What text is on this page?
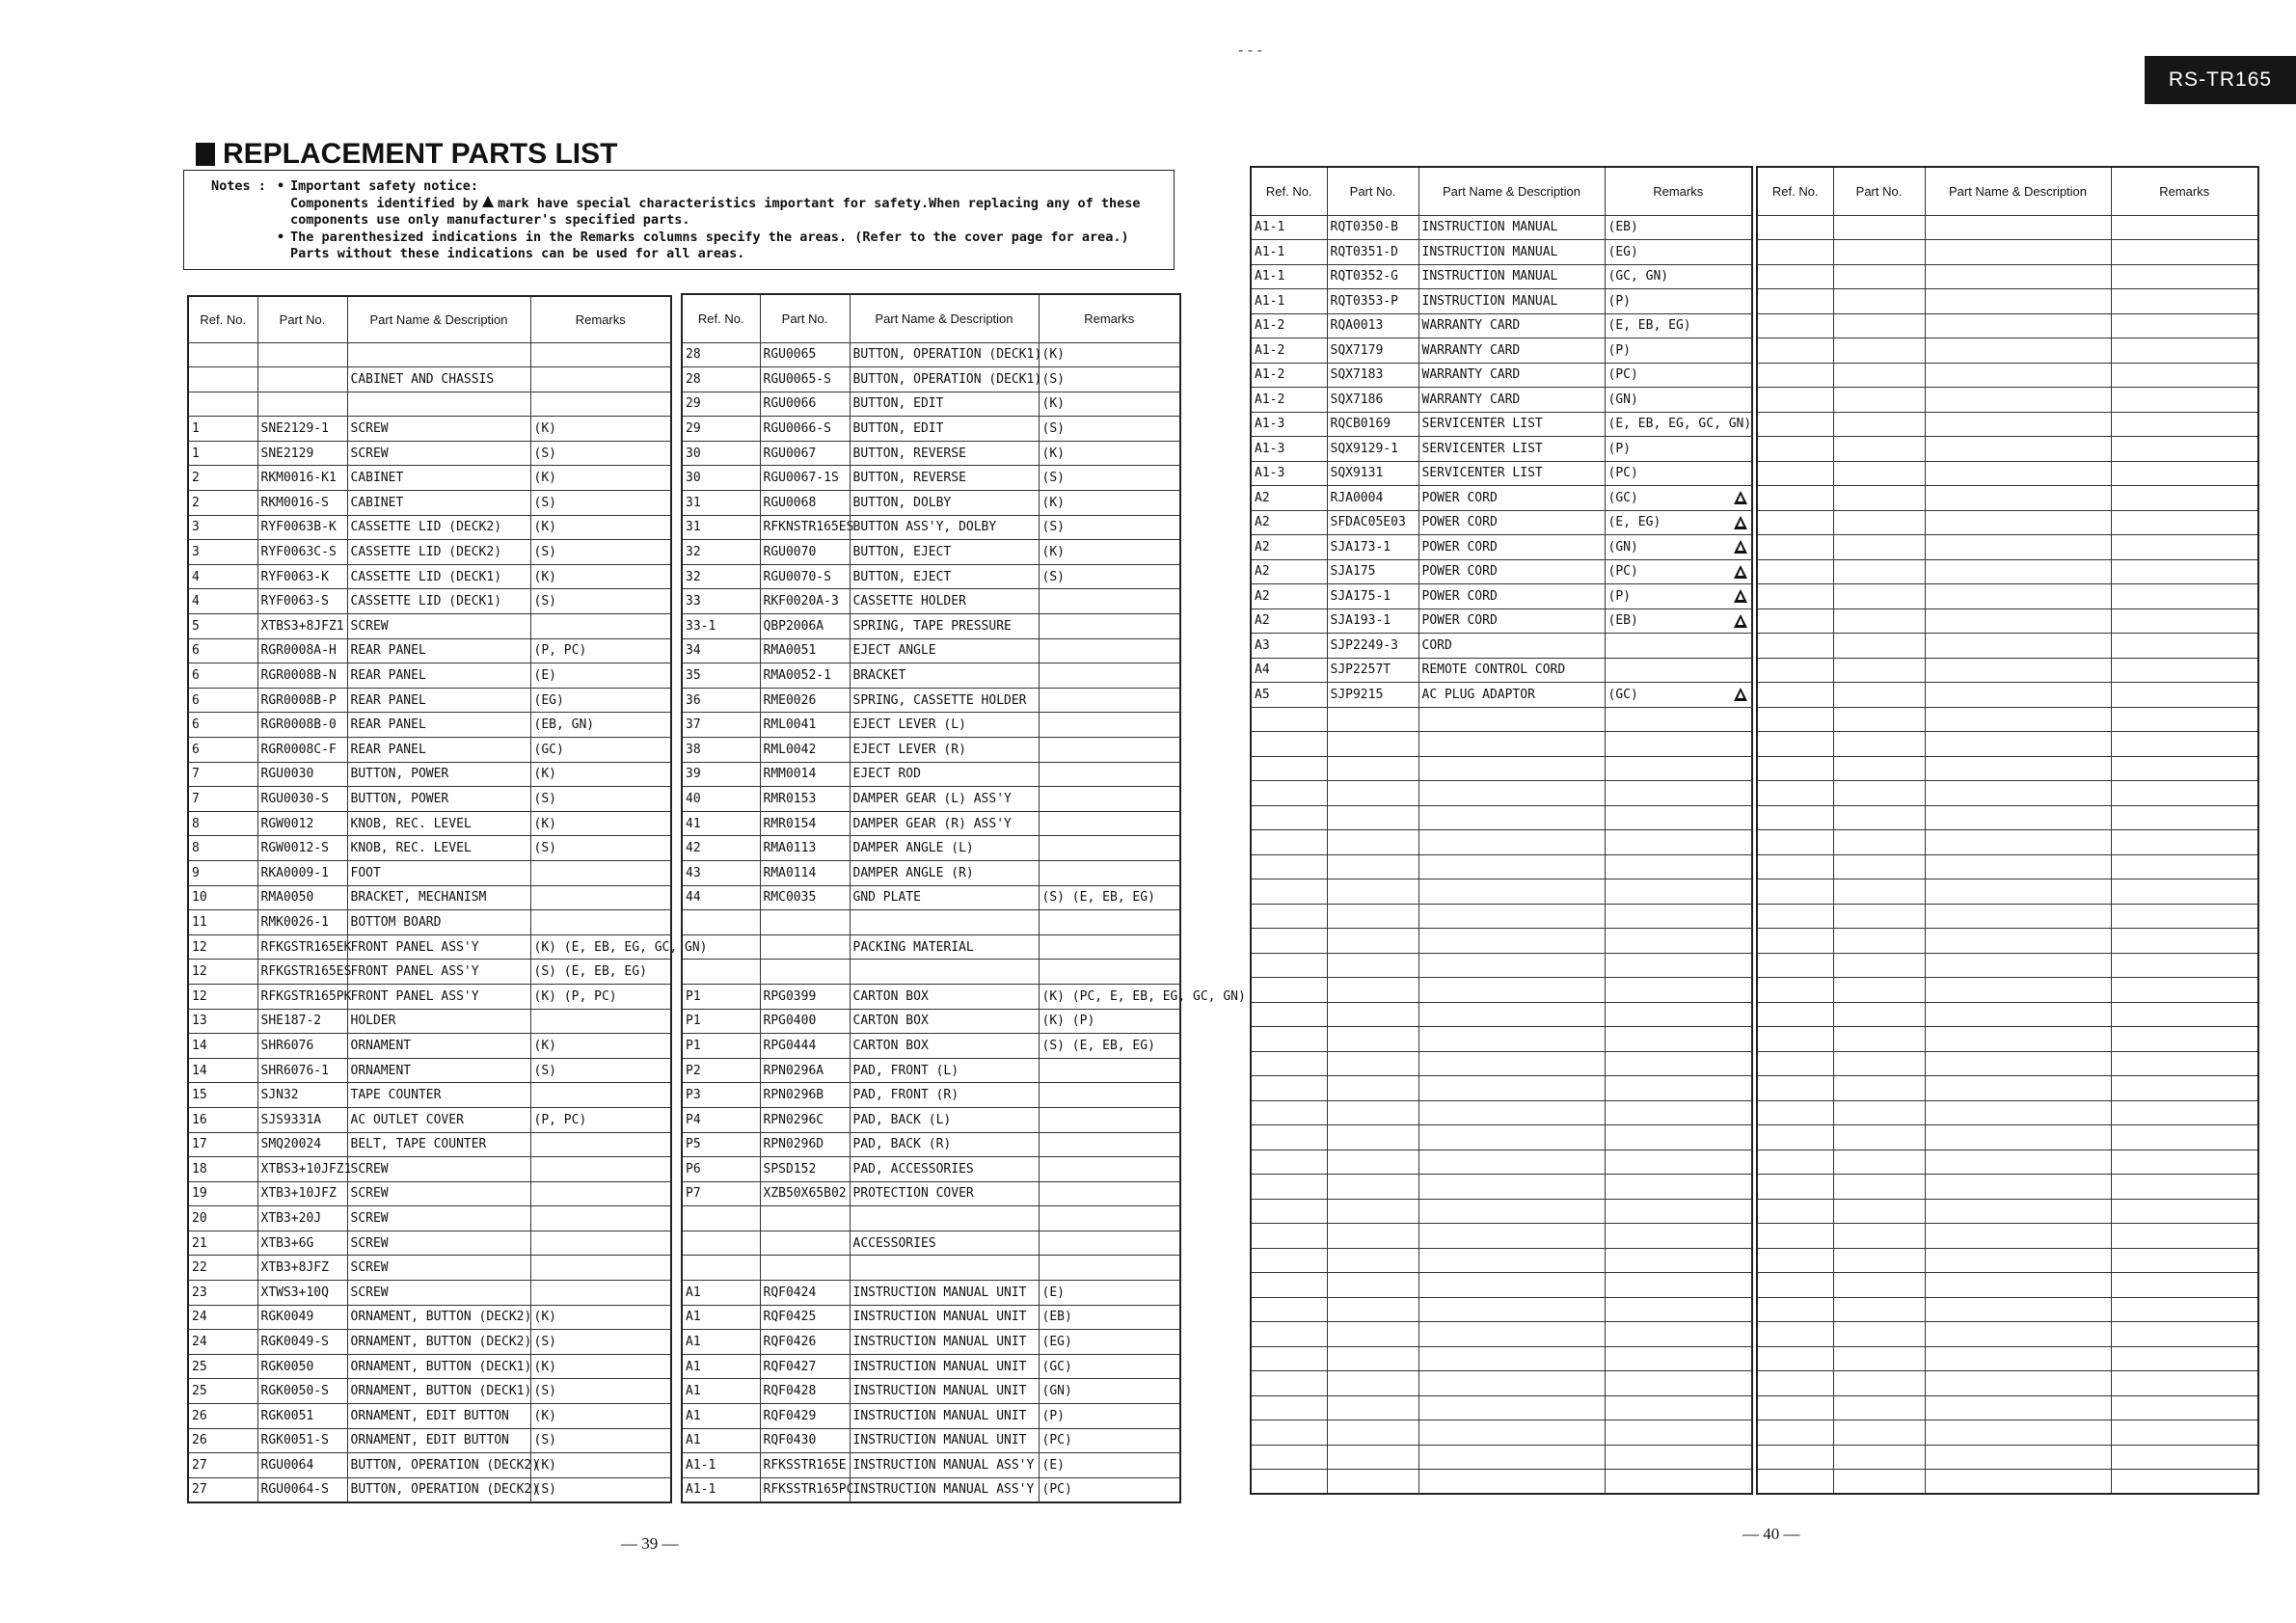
RS-TR165
- - -
REPLACEMENT PARTS LIST
Notes : • Important safety notice:
Components identified by mark have special characteristics important for safety.When replacing any of these
components use only manufacturer's specified parts.
• The parenthesized indications in the Remarks columns specify the areas. (Refer to the cover page for area.)
Parts without these indications can be used for all areas.
Ref. No.	Part No.	Part Name & Description	Remarks

		CABINET AND CHASSIS	

1	SNE2129-1	SCREW	(K)
1	SNE2129	SCREW	(S)
2	RKM0016-K1	CABINET	(K)
2	RKM0016-S	CABINET	(S)
3	RYF0063B-K	CASSETTE LID (DECK2)	(K)
3	RYF0063C-S	CASSETTE LID (DECK2)	(S)
4	RYF0063-K	CASSETTE LID (DECK1)	(K)
4	RYF0063-S	CASSETTE LID (DECK1)	(S)
5	XTBS3+8JFZ1	SCREW	
6	RGR0008A-H	REAR PANEL	(P, PC)
6	RGR0008B-N	REAR PANEL	(E)
6	RGR0008B-P	REAR PANEL	(EG)
6	RGR0008B-0	REAR PANEL	(EB, GN)
6	RGR0008C-F	REAR PANEL	(GC)
7	RGU0030	BUTTON, POWER	(K)
7	RGU0030-S	BUTTON, POWER	(S)
8	RGW0012	KNOB, REC. LEVEL	(K)
8	RGW0012-S	KNOB, REC. LEVEL	(S)
9	RKA0009-1	FOOT	
10	RMA0050	BRACKET, MECHANISM	
11	RMK0026-1	BOTTOM BOARD	
12	RFKGSTR165EK	FRONT PANEL ASS'Y	(K) (E, EB, EG, GC, GN)
12	RFKGSTR165ES	FRONT PANEL ASS'Y	(S) (E, EB, EG)
12	RFKGSTR165PK	FRONT PANEL ASS'Y	(K) (P, PC)
13	SHE187-2	HOLDER	
14	SHR6076	ORNAMENT	(K)
14	SHR6076-1	ORNAMENT	(S)
15	SJN32	TAPE COUNTER	
16	SJS9331A	AC OUTLET COVER	(P, PC)
17	SMQ20024	BELT, TAPE COUNTER	
18	XTBS3+10JFZ1	SCREW	
19	XTB3+10JFZ	SCREW	
20	XTB3+20J	SCREW	
21	XTB3+6G	SCREW	
22	XTB3+8JFZ	SCREW	
23	XTWS3+10Q	SCREW	
24	RGK0049	ORNAMENT, BUTTON (DECK2)	(K)
24	RGK0049-S	ORNAMENT, BUTTON (DECK2)	(S)
25	RGK0050	ORNAMENT, BUTTON (DECK1)	(K)
25	RGK0050-S	ORNAMENT, BUTTON (DECK1)	(S)
26	RGK0051	ORNAMENT, EDIT BUTTON	(K)
26	RGK0051-S	ORNAMENT, EDIT BUTTON	(S)
27	RGU0064	BUTTON, OPERATION (DECK2)	(K)
27	RGU0064-S	BUTTON, OPERATION (DECK2)	(S)
Ref. No.	Part No.	Part Name & Description	Remarks
28	RGU0065	BUTTON, OPERATION (DECK1)	(K)
28	RGU0065-S	BUTTON, OPERATION (DECK1)	(S)
29	RGU0066	BUTTON, EDIT	(K)
29	RGU0066-S	BUTTON, EDIT	(S)
30	RGU0067	BUTTON, REVERSE	(K)
30	RGU0067-1S	BUTTON, REVERSE	(S)
31	RGU0068	BUTTON, DOLBY	(K)
31	RFKNSTR165ES	BUTTON ASS'Y, DOLBY	(S)
32	RGU0070	BUTTON, EJECT	(K)
32	RGU0070-S	BUTTON, EJECT	(S)
33	RKF0020A-3	CASSETTE HOLDER	
33-1	QBP2006A	SPRING, TAPE PRESSURE	
34	RMA0051	EJECT ANGLE	
35	RMA0052-1	BRACKET	
36	RME0026	SPRING, CASSETTE HOLDER	
37	RML0041	EJECT LEVER (L)	
38	RML0042	EJECT LEVER (R)	
39	RMM0014	EJECT ROD	
40	RMR0153	DAMPER GEAR (L) ASS'Y	
41	RMR0154	DAMPER GEAR (R) ASS'Y	
42	RMA0113	DAMPER ANGLE (L)	
43	RMA0114	DAMPER ANGLE (R)	
44	RMC0035	GND PLATE	(S) (E, EB, EG)

		PACKING MATERIAL	

P1	RPG0399	CARTON BOX	(K) (PC, E, EB, EG, GC, GN)
P1	RPG0400	CARTON BOX	(K) (P)
P1	RPG0444	CARTON BOX	(S) (E, EB, EG)
P2	RPN0296A	PAD, FRONT (L)	
P3	RPN0296B	PAD, FRONT (R)	
P4	RPN0296C	PAD, BACK (L)	
P5	RPN0296D	PAD, BACK (R)	
P6	SPSD152	PAD, ACCESSORIES	
P7	XZB50X65B02	PROTECTION COVER	

		ACCESSORIES	

A1	RQF0424	INSTRUCTION MANUAL UNIT	(E)
A1	RQF0425	INSTRUCTION MANUAL UNIT	(EB)
A1	RQF0426	INSTRUCTION MANUAL UNIT	(EG)
A1	RQF0427	INSTRUCTION MANUAL UNIT	(GC)
A1	RQF0428	INSTRUCTION MANUAL UNIT	(GN)
A1	RQF0429	INSTRUCTION MANUAL UNIT	(P)
A1	RQF0430	INSTRUCTION MANUAL UNIT	(PC)
A1-1	RFKSSTR165E	INSTRUCTION MANUAL ASS'Y	(E)
A1-1	RFKSSTR165PC	INSTRUCTION MANUAL ASS'Y	(PC)
Ref. No.	Part No.	Part Name & Description	Remarks
A1-1	RQT0350-B	INSTRUCTION MANUAL	(EB)
A1-1	RQT0351-D	INSTRUCTION MANUAL	(EG)
A1-1	RQT0352-G	INSTRUCTION MANUAL	(GC, GN)
A1-1	RQT0353-P	INSTRUCTION MANUAL	(P)
A1-2	RQA0013	WARRANTY CARD	(E, EB, EG)
A1-2	SQX7179	WARRANTY CARD	(P)
A1-2	SQX7183	WARRANTY CARD	(PC)
A1-2	SQX7186	WARRANTY CARD	(GN)
A1-3	RQCB0169	SERVICENTER LIST	(E, EB, EG, GC, GN)
A1-3	SQX9129-1	SERVICENTER LIST	(P)
A1-3	SQX9131	SERVICENTER LIST	(PC)
A2	RJA0004	POWER CORD	(GC)

A2	SFDAC05E03	POWER CORD	(E, EG)

A2	SJA173-1	POWER CORD	(GN)

A2	SJA175	POWER CORD	(PC)

A2	SJA175-1	POWER CORD	(P)

A2	SJA193-1	POWER CORD	(EB)

A3	SJP2249-3	CORD	
A4	SJP2257T	REMOTE CONTROL CORD	
A5	SJP9215	AC PLUG ADAPTOR	(GC)

Ref. No.	Part No.	Part Name & Description	Remarks

— 39 —
— 40 —
